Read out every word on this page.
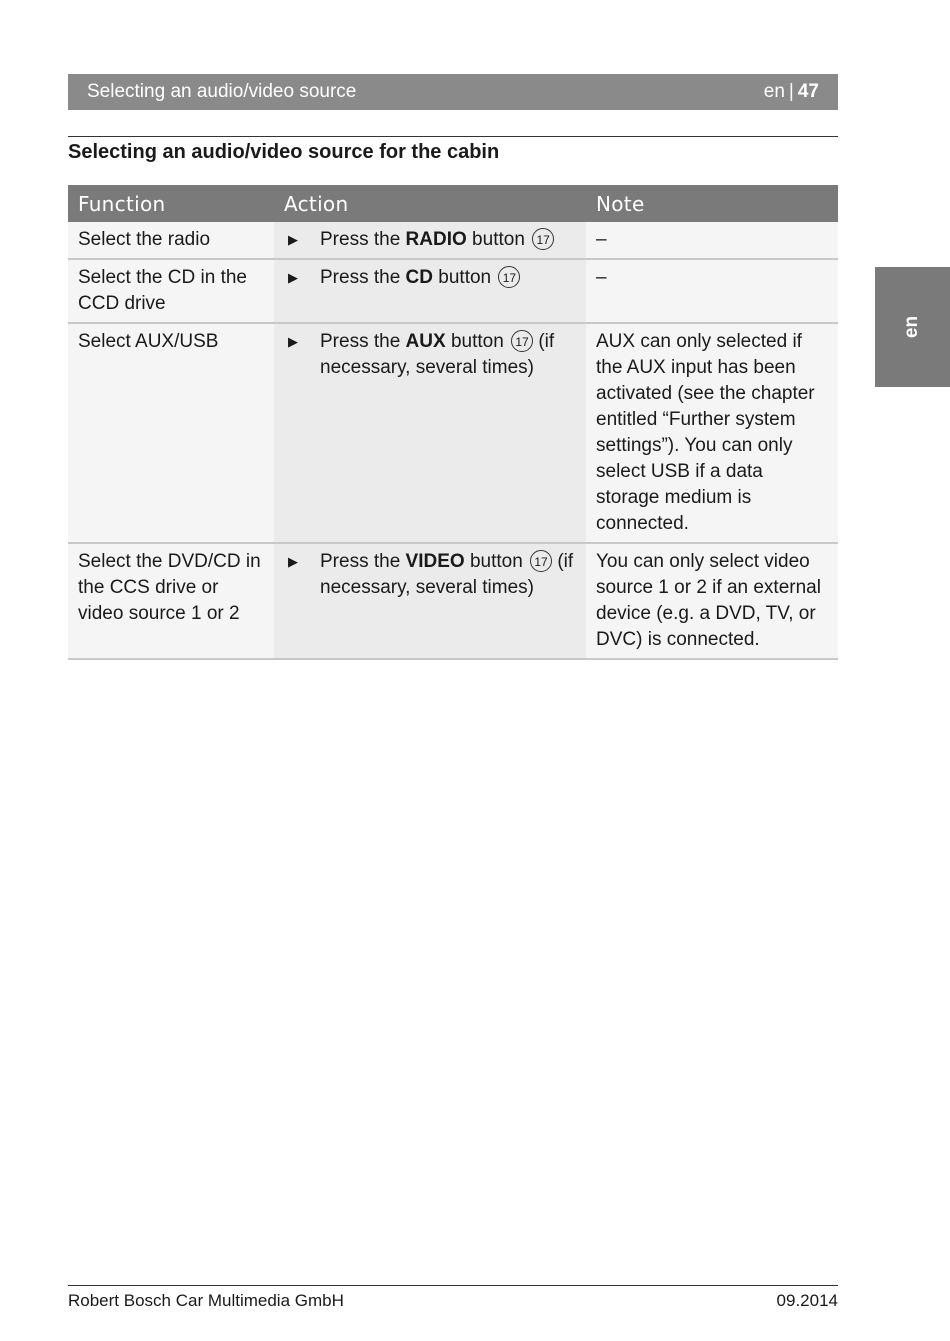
Selecting an audio/video source	en | 47
Selecting an audio/video source for the cabin
Function	Action	Note
Select the radio	▶ Press the RADIO button 17	–
Select the CD in the CCD drive	▶ Press the CD button 17	–
Select AUX/USB	▶ Press the AUX button 17 (if necessary, several times)	AUX can only selected if the AUX input has been activated (see the chapter entitled “Further system settings”). You can only select USB if a data storage medium is connected.
Select the DVD/CD in the CCS drive or video source 1 or 2	▶ Press the VIDEO button 17 (if necessary, several times)	You can only select video source 1 or 2 if an external device (e.g. a DVD, TV, or DVC) is connected.
en
Robert Bosch Car Multimedia GmbH	09.2014
